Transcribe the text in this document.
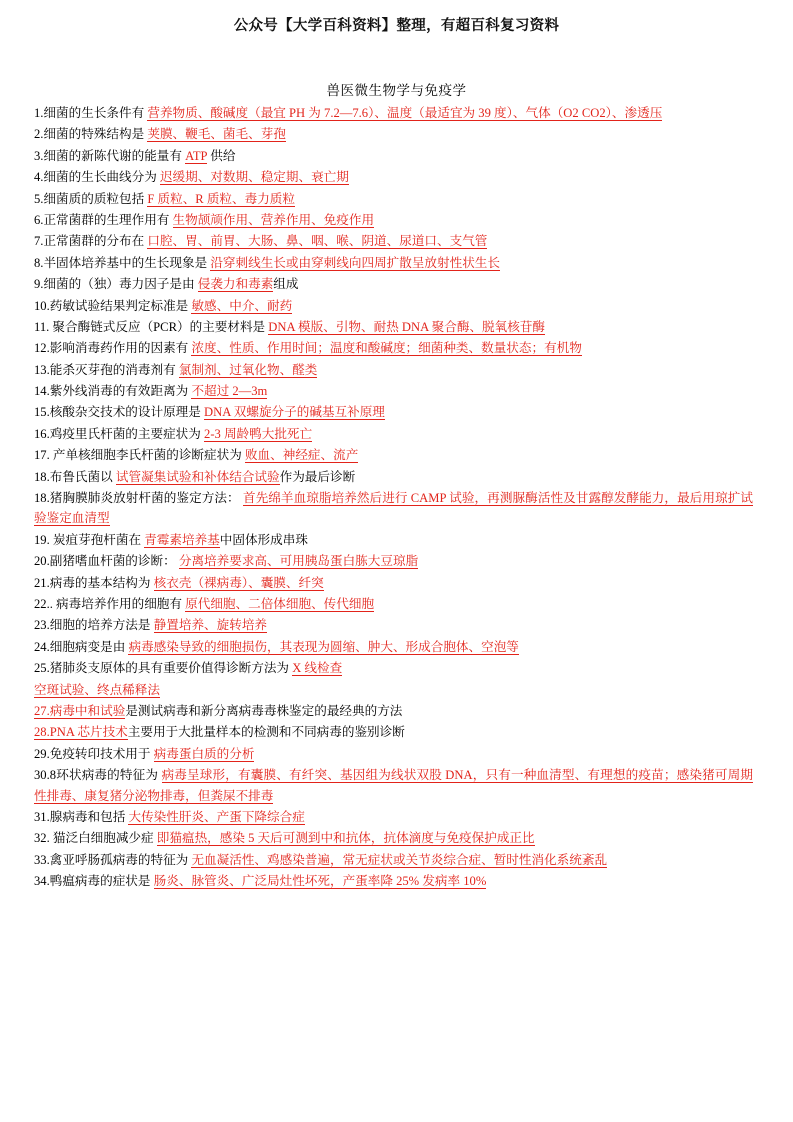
公众号【大学百科资料】整理，有超百科复习资料
兽医微生物学与免疫学

1.细菌的生长条件有 营养物质、酸碱度（最宜 PH 为 7.2—7.6）、温度（最适宜为 39 度）、气体（O2 CO2）、渗透压

2.细菌的特殊结构是 荚膜、鞭毛、菌毛、芽孢

3.细菌的新陈代谢的能量有 ATP 供给

4.细菌的生长曲线分为 迟缓期、对数期、稳定期、衰亡期

5.细菌质的质粒包括 F 质粒、R 质粒、毒力质粒

6.正常菌群的生理作用有 生物颉颃作用、营养作用、免疫作用

7.正常菌群的分布在 口腔、胃、前胃、大肠、鼻、咽、喉、阴道、尿道口、支气管

8.半固体培养基中的生长现象是 沿穿刺线生长或由穿刺线向四周扩散呈放射性状生长

9.细菌的（独）毒力因子是由 侵袭力和毒素组成

10.药敏试验结果判定标准是 敏感、中介、耐药

11. 聚合酶链式反应（PCR）的主要材料是 DNA 模版、引物、耐热 DNA 聚合酶、脱氧核苷酶

12.影响消毒药作用的因素有 浓度、性质、作用时间；温度和酸碱度；细菌种类、数量状态；有机物

13.能杀灭芽孢的消毒剂有 氯制剂、过氧化物、醛类

14.紫外线消毒的有效距离为 不超过 2—3m

15.核酸杂交技术的设计原理是 DNA 双螺旋分子的碱基互补原理

16.鸡疫里氏杆菌的主要症状为 2-3 周龄鸭大批死亡

17. 产单核细胞李氏杆菌的诊断症状为 败血、神经症、流产

18.布鲁氏菌以 试管凝集试验和补体结合试验作为最后诊断

18.猪胸膜肺炎放射杆菌的鉴定方法： 首先绵羊血琼脂培养然后进行 CAMP 试验，再测脲酶活性及甘露醇发酵能力，最后用琼扩试验鉴定血清型

19. 炭疽芽孢杆菌在 青霉素培养基中固体形成串珠

20.副猪嗜血杆菌的诊断： 分离培养要求高、可用胰岛蛋白胨大豆琼脂

21.病毒的基本结构为 核衣壳（裸病毒）、囊膜、纤突

22.. 病毒培养作用的细胞有 原代细胞、二倍体细胞、传代细胞

23.细胞的培养方法是 静置培养、旋转培养

24.细胞病变是由 病毒感染导致的细胞损伤，其表现为圆缩、肿大、形成合胞体、空泡等

25.猪肺炎支原体的具有重要价值得诊断方法为 X 线检查

空斑试验、终点稀释法

27.病毒中和试验是测试病毒和新分离病毒毒株鉴定的最经典的方法

28.PNA 芯片技术主要用于大批量样本的检测和不同病毒的鉴别诊断

29.免疫转印技术用于 病毒蛋白质的分析

30.8环状病毒的特征为 病毒呈球形，有囊膜、有纤突、基因组为线状双股 DNA，只有一种血清型、有理想的疫苗；感染猪可周期性排毒、康复猪分泌物排毒，但粪屎不排毒

31.腺病毒和包括 大传染性肝炎、产蛋下降综合症

32. 猫泛白细胞减少症 即猫瘟热，感染 5 天后可测到中和抗体，抗体滴度与免疫保护成正比

33.禽亚呼肠孤病毒的特征为 无血凝活性、鸡感染普遍，常无症状或关节炎综合症、暂时性消化系统紊乱

34.鸭瘟病毒的症状是 肠炎、脉管炎、广泛局灶性坏死，产蛋率降 25% 发病率 10%
